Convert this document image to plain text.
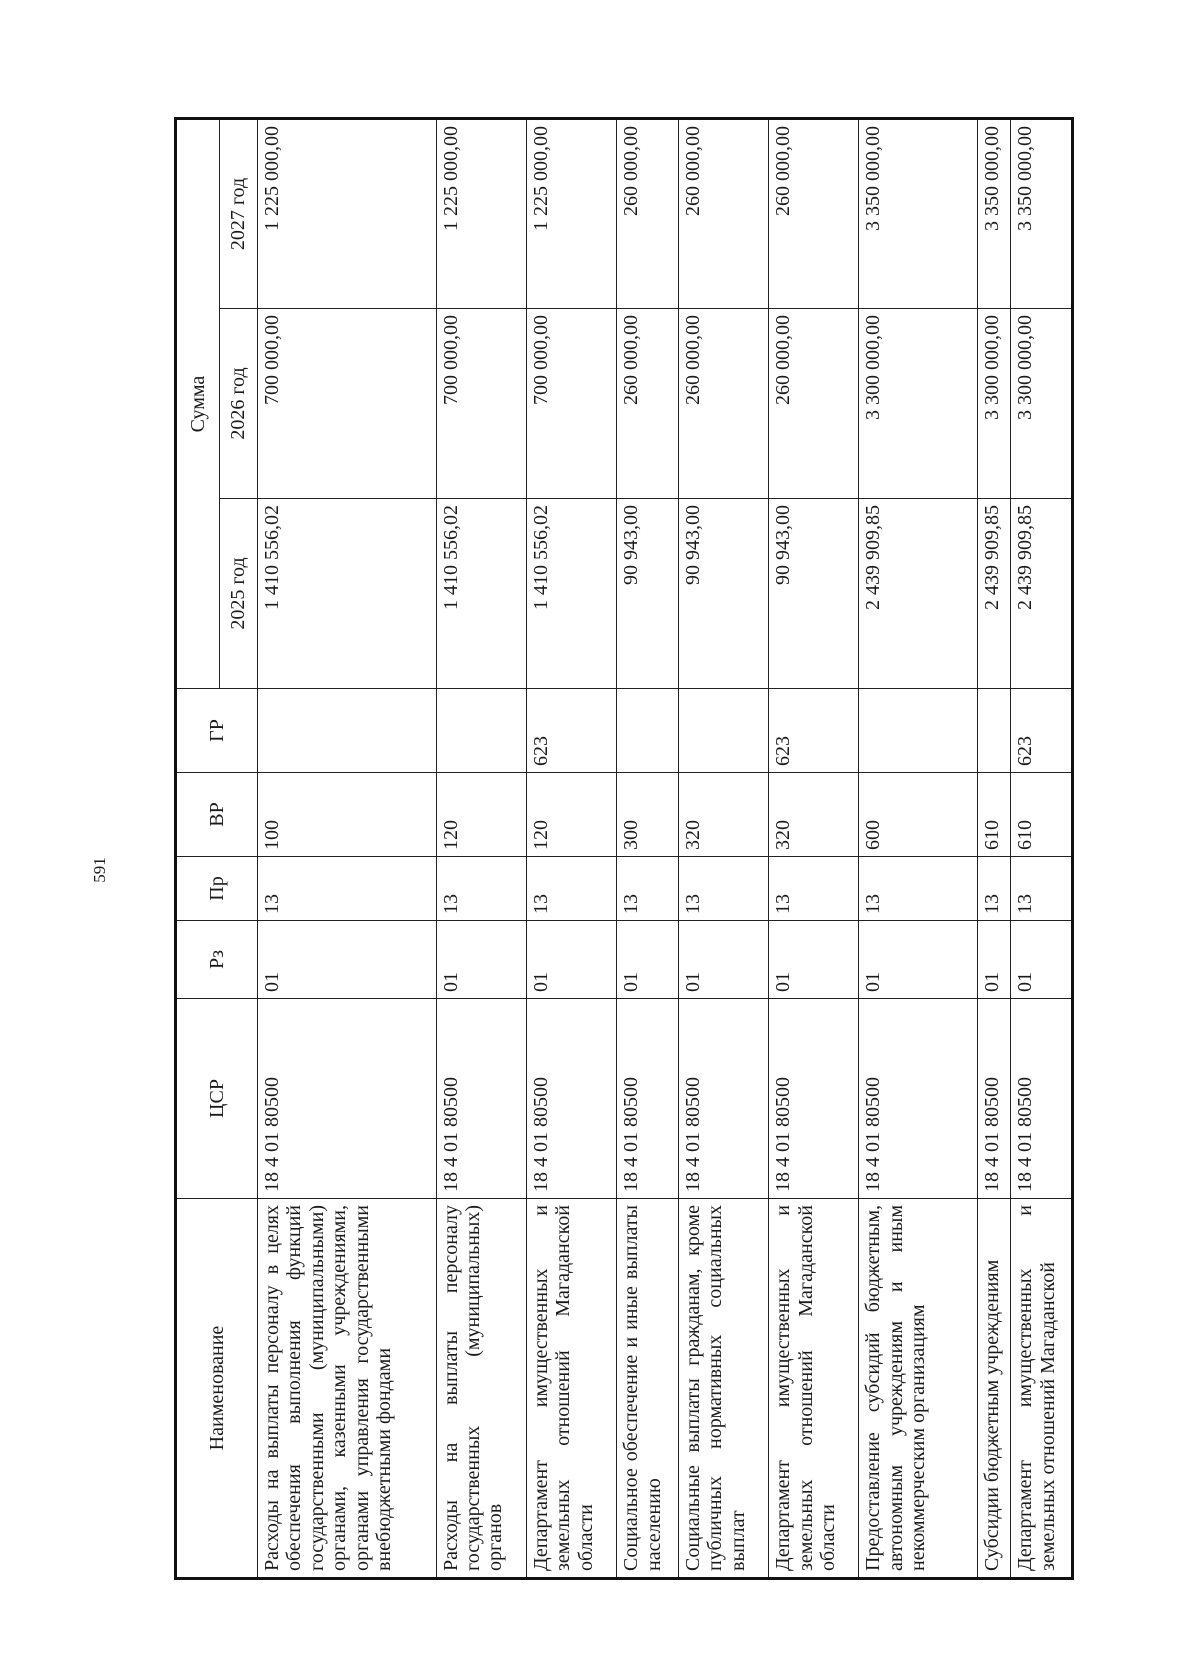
591
Наименование	ЦСР	Рз	Пр	ВР	ГР	Сумма		
						2025 год	2026 год	2027 год
Расходы на выплаты персоналу в целях обеспечения выполнения функций государственными (муниципальными) органами, казенными учреждениями, органами управления государственными внебюджетными фондами	18 4 01 80500	01	13	100		1 410 556,02	700 000,00	1 225 000,00
Расходы на выплаты персоналу государственных (муниципальных) органов	18 4 01 80500	01	13	120		1 410 556,02	700 000,00	1 225 000,00
Департамент имущественных и земельных отношений Магаданской области	18 4 01 80500	01	13	120	623	1 410 556,02	700 000,00	1 225 000,00
Социальное обеспечение и иные выплаты населению	18 4 01 80500	01	13	300		90 943,00	260 000,00	260 000,00
Социальные выплаты гражданам, кроме публичных нормативных социальных выплат	18 4 01 80500	01	13	320		90 943,00	260 000,00	260 000,00
Департамент имущественных и земельных отношений Магаданской области	18 4 01 80500	01	13	320	623	90 943,00	260 000,00	260 000,00
Предоставление субсидий бюджетным, автономным учреждениям и иным некоммерческим организациям	18 4 01 80500	01	13	600		2 439 909,85	3 300 000,00	3 350 000,00
Субсидии бюджетным учреждениям	18 4 01 80500	01	13	610		2 439 909,85	3 300 000,00	3 350 000,00
Департамент имущественных и земельных отношений Магаданской	18 4 01 80500	01	13	610	623	2 439 909,85	3 300 000,00	3 350 000,00
